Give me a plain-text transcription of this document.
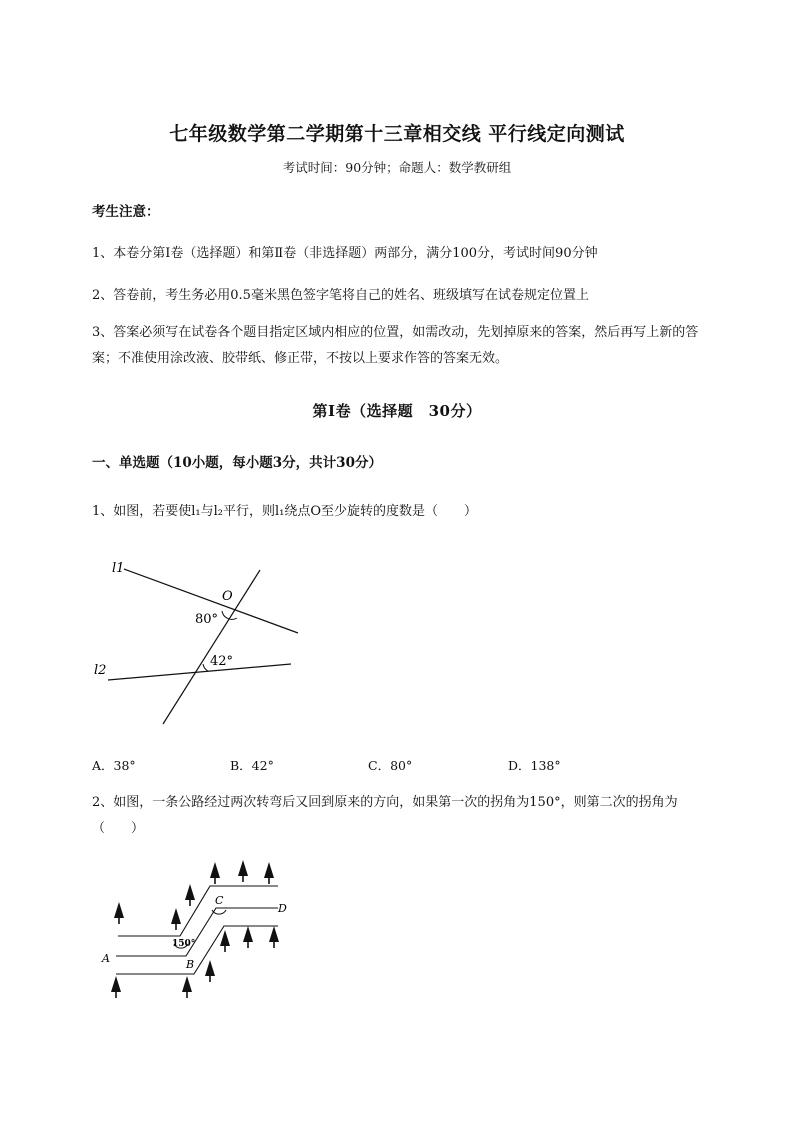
七年级数学第二学期第十三章相交线 平行线定向测试
考试时间：90分钟；命题人：数学教研组
考生注意：
1、本卷分第Ⅰ卷（选择题）和第Ⅱ卷（非选择题）两部分，满分100分，考试时间90分钟
2、答卷前，考生务必用0.5毫米黑色签字笔将自己的姓名、班级填写在试卷规定位置上
3、答案必须写在试卷各个题目指定区域内相应的位置，如需改动，先划掉原来的答案，然后再写上新的答案；不准使用涂改液、胶带纸、修正带，不按以上要求作答的答案无效。
第Ⅰ卷（选择题　30分）
一、单选题（10小题，每小题3分，共计30分）
1、如图，若要使l₁与l₂平行，则l₁绕点O至少旋转的度数是（　　）
l1
l2
O
80°
42°
A．38°	B．42°	C．80°	D．138°
2、如图，一条公路经过两次转弯后又回到原来的方向，如果第一次的拐角为150°，则第二次的拐角为（　　）
A	B
C
D
150°
